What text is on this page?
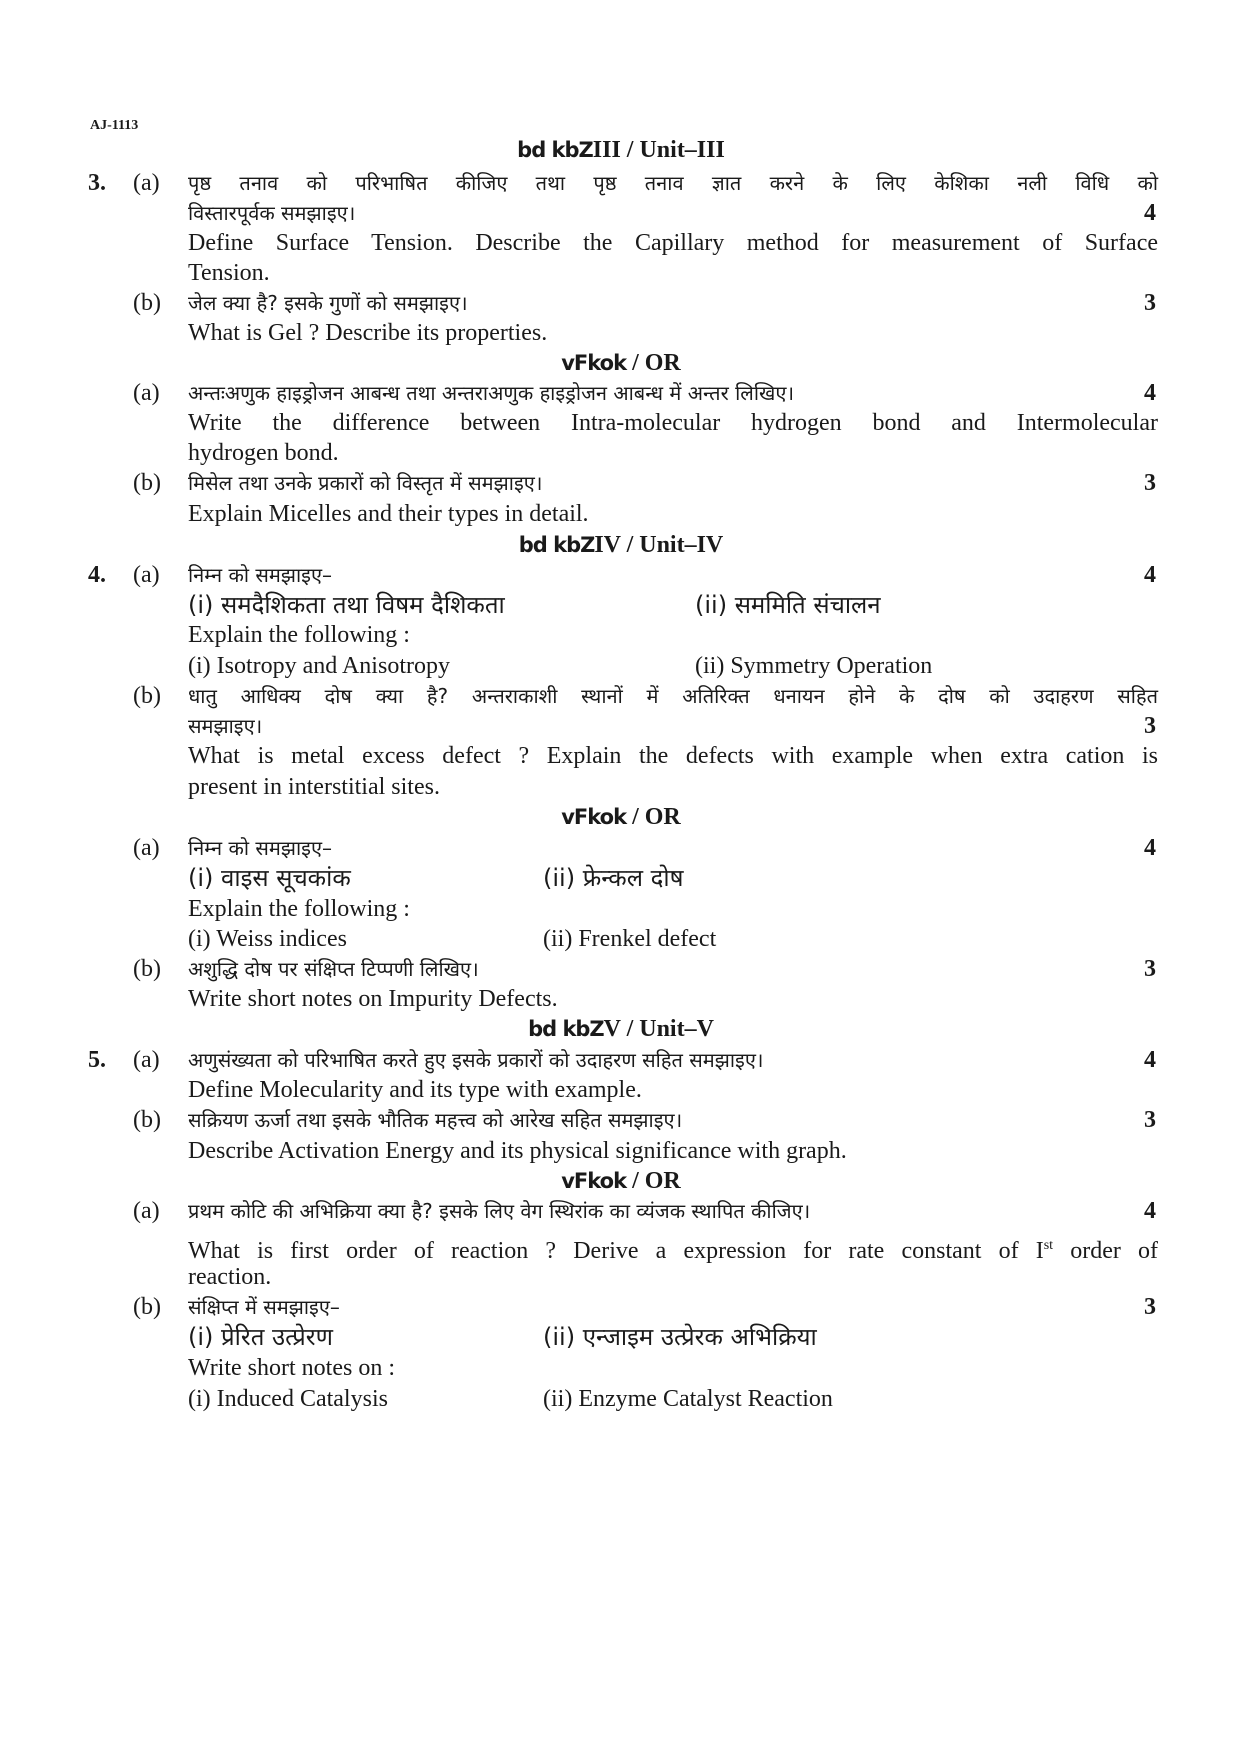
AJ-1113
bd kbZIII / Unit–III
3. (a) पृष्ठ तनाव को परिभाषित कीजिए तथा पृष्ठ तनाव ज्ञात करने के लिए केशिका नली विधि को
विस्तारपूर्वक समझाइए।	4
Define Surface Tension. Describe the Capillary method for measurement of Surface
Tension.
(b) जेल क्या है? इसके गुणों को समझाइए।	3
What is Gel ? Describe its properties.
vFkok / OR
(a) अन्तःअणुक हाइड्रोजन आबन्ध तथा अन्तराअणुक हाइड्रोजन आबन्ध में अन्तर लिखिए।	4
Write the difference between Intra-molecular hydrogen bond and Intermolecular
hydrogen bond.
(b) मिसेल तथा उनके प्रकारों को विस्तृत में समझाइए।	3
Explain Micelles and their types in detail.
bd kbZIV / Unit–IV
4. (a) निम्न को समझाइए–	4
(i) समदैशिकता तथा विषम दैशिकता	(ii) सममिति संचालन
Explain the following :
(i) Isotropy and Anisotropy	(ii) Symmetry Operation
(b) धातु आधिक्य दोष क्या है? अन्तराकाशी स्थानों में अतिरिक्त धनायन होने के दोष को उदाहरण सहित
समझाइए।	3
What is metal excess defect ? Explain the defects with example when extra cation is
present in interstitial sites.
vFkok / OR
(a) निम्न को समझाइए–	4
(i) वाइस सूचकांक	(ii) फ्रेन्कल दोष
Explain the following :
(i) Weiss indices	(ii) Frenkel defect
(b) अशुद्धि दोष पर संक्षिप्त टिप्पणी लिखिए।	3
Write short notes on Impurity Defects.
bd kbZV / Unit–V
5. (a) अणुसंख्यता को परिभाषित करते हुए इसके प्रकारों को उदाहरण सहित समझाइए।	4
Define Molecularity and its type with example.
(b) सक्रियण ऊर्जा तथा इसके भौतिक महत्त्व को आरेख सहित समझाइए।	3
Describe Activation Energy and its physical significance with graph.
vFkok / OR
(a) प्रथम कोटि की अभिक्रिया क्या है? इसके लिए वेग स्थिरांक का व्यंजक स्थापित कीजिए।	4
What is first order of reaction ? Derive a expression for rate constant of Ist order of
reaction.
(b) संक्षिप्त में समझाइए–	3
(i) प्रेरित उत्प्रेरण	(ii) एन्जाइम उत्प्रेरक अभिक्रिया
Write short notes on :
(i) Induced Catalysis	(ii) Enzyme Catalyst Reaction
